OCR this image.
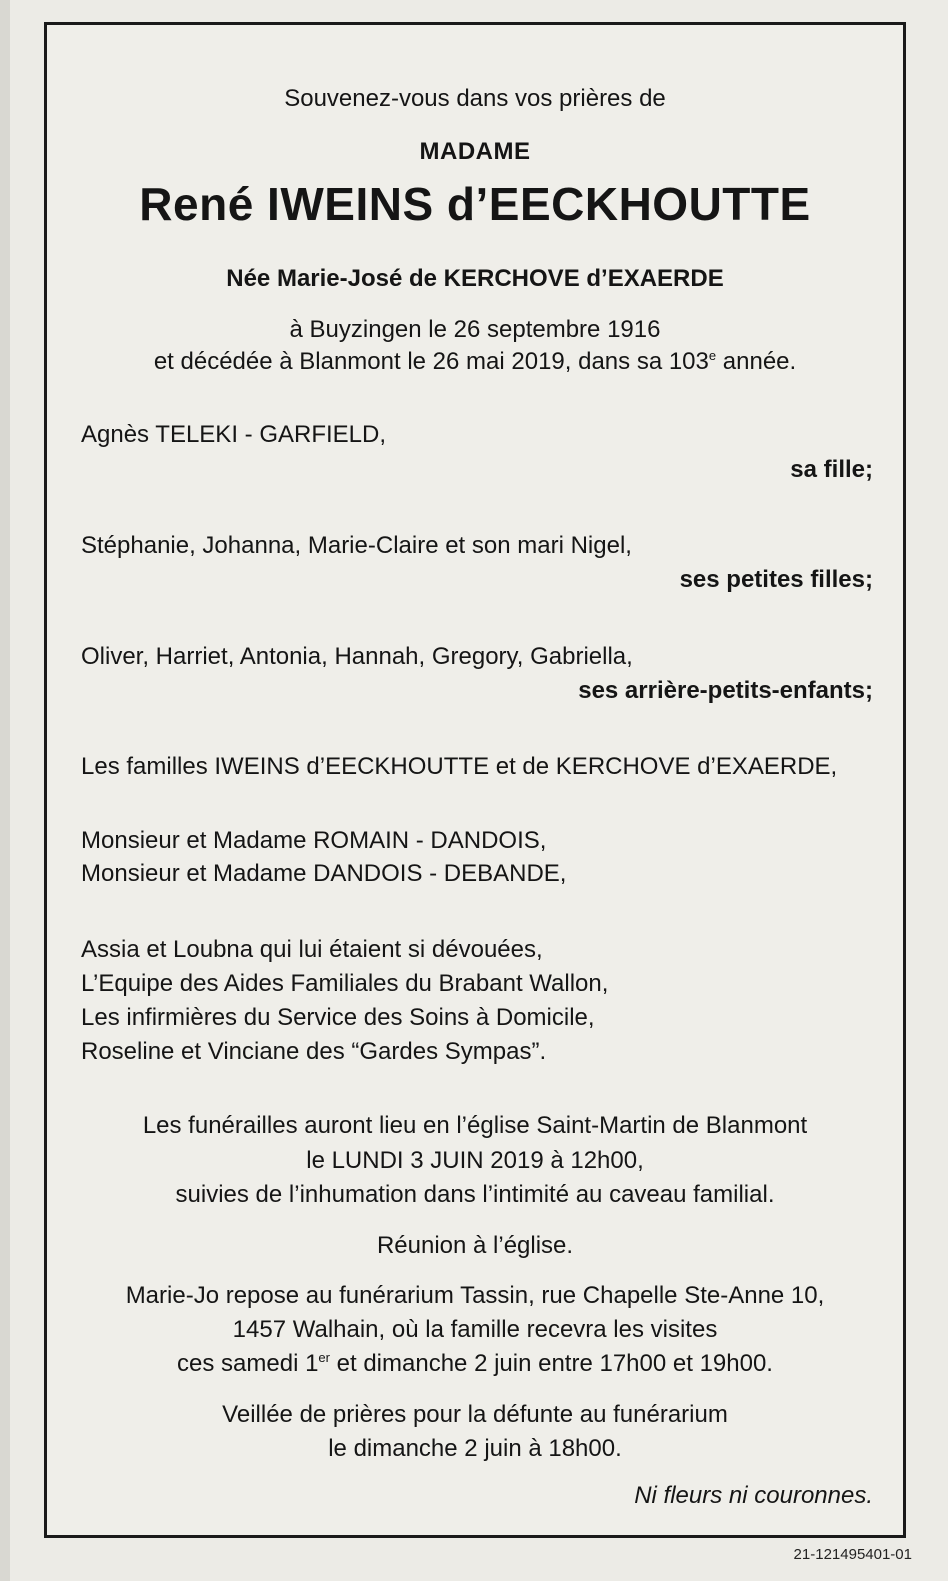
Souvenez-vous dans vos prières de
MADAME
René IWEINS d’EECKHOUTTE
Née Marie-José de KERCHOVE d’EXAERDE
à Buyzingen le 26 septembre 1916
et décédée à Blanmont le 26 mai 2019, dans sa 103e année.
Agnès TELEKI - GARFIELD,
sa fille;
Stéphanie, Johanna, Marie-Claire et son mari Nigel,
ses petites filles;
Oliver, Harriet, Antonia, Hannah, Gregory, Gabriella,
ses arrière-petits-enfants;
Les familles IWEINS d’EECKHOUTTE et de KERCHOVE d’EXAERDE,
Monsieur et Madame ROMAIN - DANDOIS,
Monsieur et Madame DANDOIS - DEBANDE,
Assia et Loubna qui lui étaient si dévouées,
L’Equipe des Aides Familiales du Brabant Wallon,
Les infirmières du Service des Soins à Domicile,
Roseline et Vinciane des “Gardes Sympas”.
Les funérailles auront lieu en l’église Saint-Martin de Blanmont
le LUNDI 3 JUIN 2019 à 12h00,
suivies de l’inhumation dans l’intimité au caveau familial.
Réunion à l’église.
Marie-Jo repose au funérarium Tassin, rue Chapelle Ste-Anne 10,
1457 Walhain, où la famille recevra les visites
ces samedi 1er et dimanche 2 juin entre 17h00 et 19h00.
Veillée de prières pour la défunte au funérarium
le dimanche 2 juin à 18h00.
Ni fleurs ni couronnes.
21-121495401-01
